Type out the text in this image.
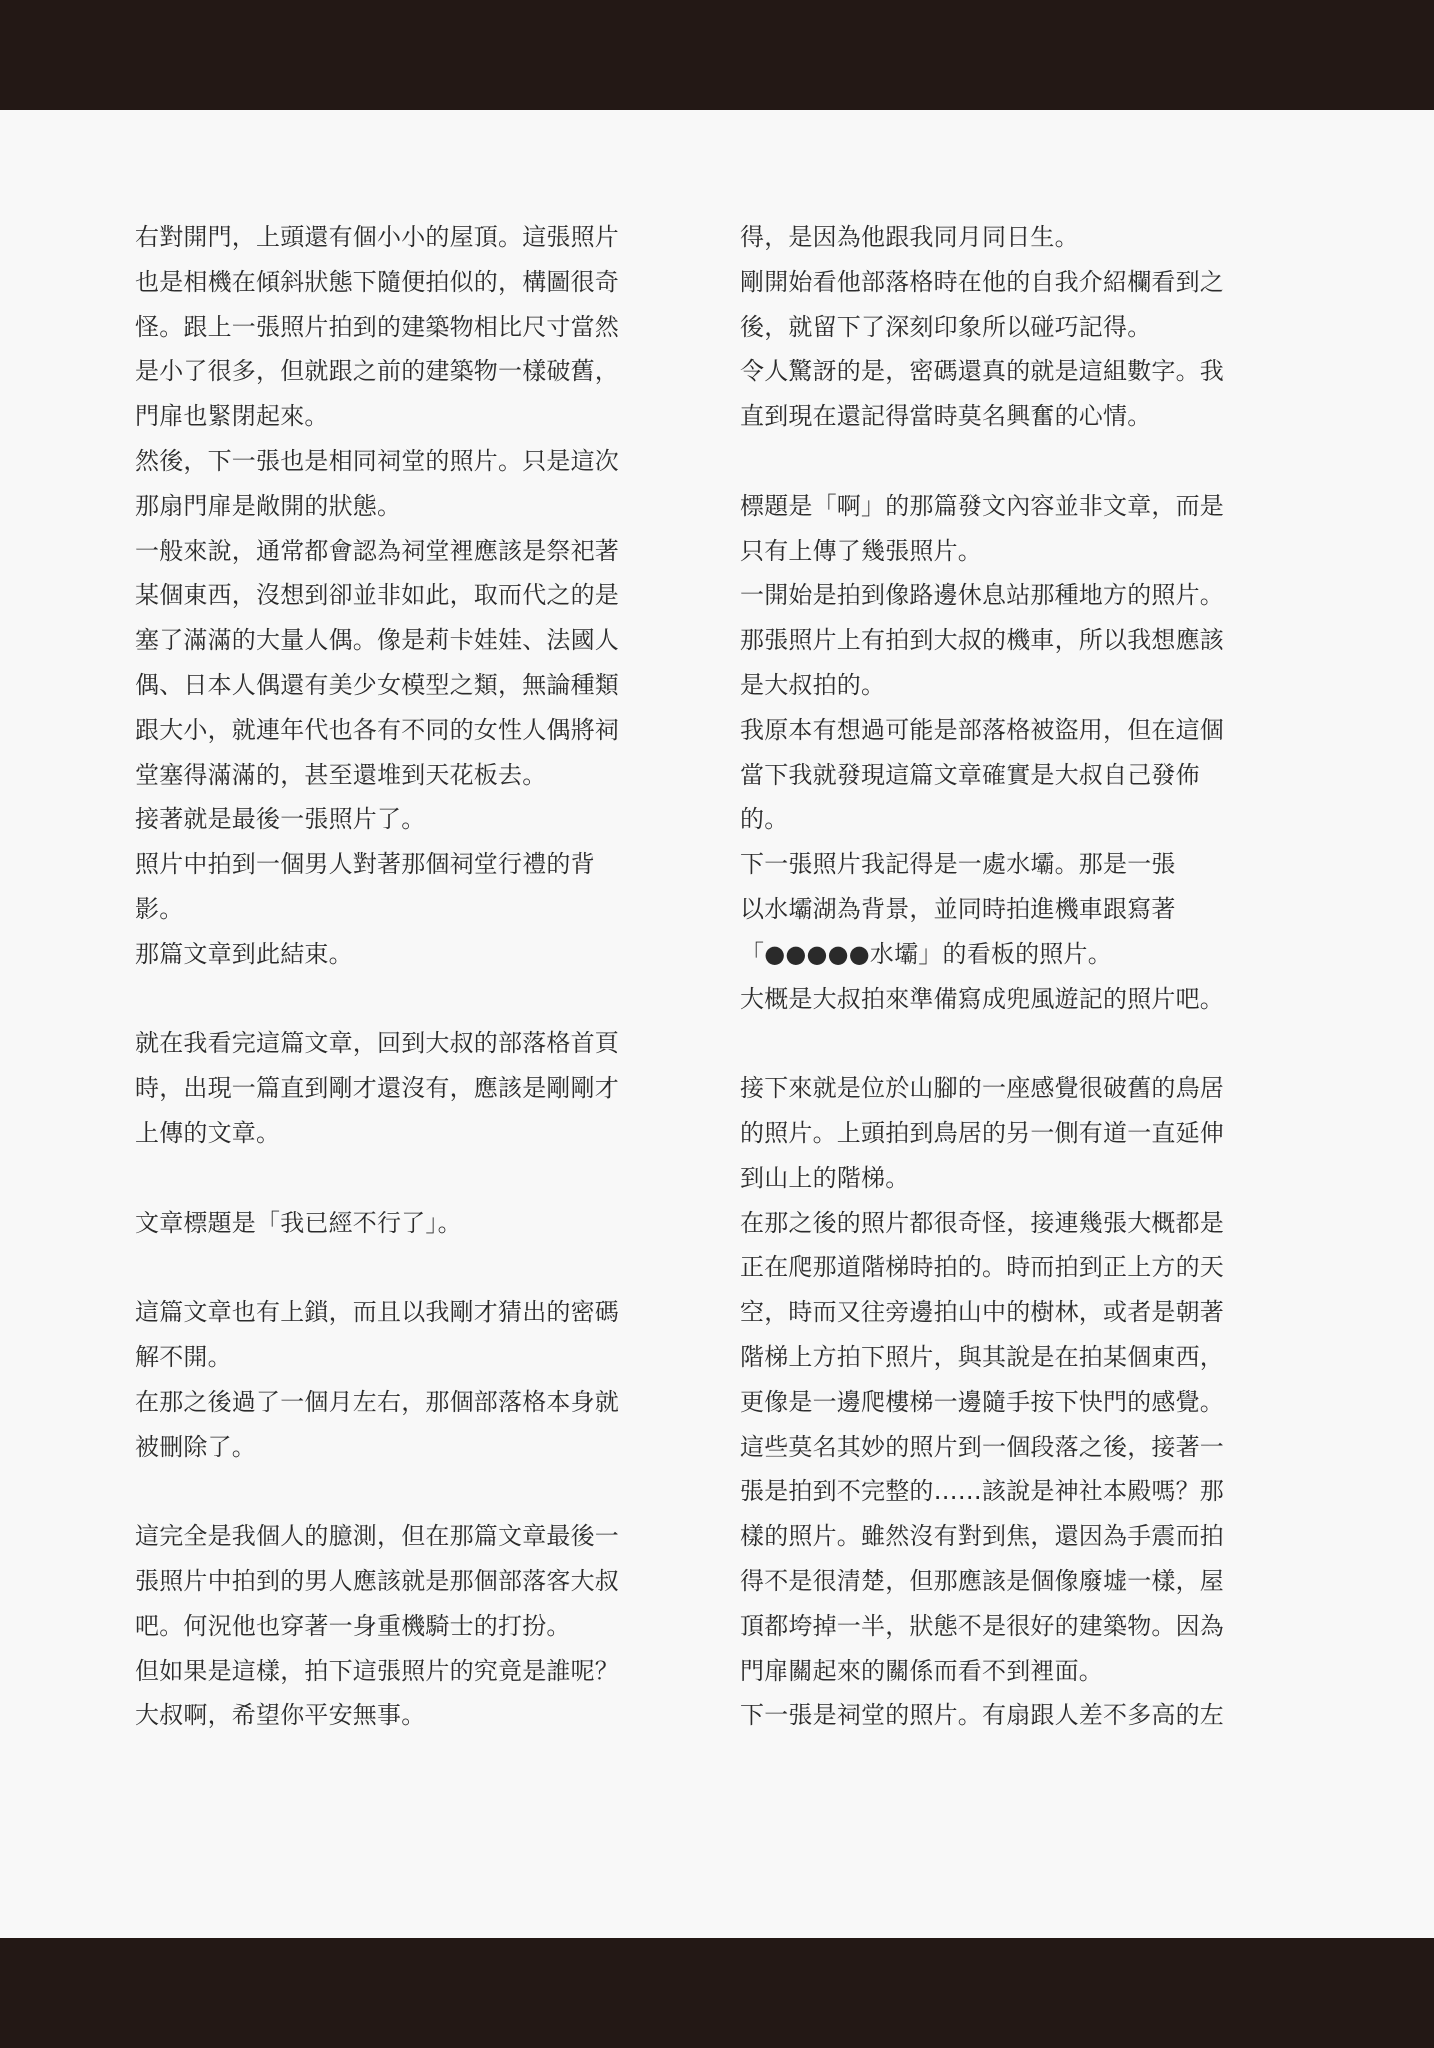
右對開門，上頭還有個小小的屋頂。這張照片
也是相機在傾斜狀態下隨便拍似的，構圖很奇
怪。跟上一張照片拍到的建築物相比尺寸當然
是小了很多，但就跟之前的建築物一樣破舊，
門扉也緊閉起來。
然後，下一張也是相同祠堂的照片。只是這次
那扇門扉是敞開的狀態。
一般來說，通常都會認為祠堂裡應該是祭祀著
某個東西，沒想到卻並非如此，取而代之的是
塞了滿滿的大量人偶。像是莉卡娃娃、法國人
偶、日本人偶還有美少女模型之類，無論種類
跟大小，就連年代也各有不同的女性人偶將祠
堂塞得滿滿的，甚至還堆到天花板去。
接著就是最後一張照片了。
照片中拍到一個男人對著那個祠堂行禮的背
影。
那篇文章到此結束。
就在我看完這篇文章，回到大叔的部落格首頁
時，出現一篇直到剛才還沒有，應該是剛剛才
上傳的文章。
文章標題是「我已經不行了」。
這篇文章也有上鎖，而且以我剛才猜出的密碼
解不開。
在那之後過了一個月左右，那個部落格本身就
被刪除了。
這完全是我個人的臆測，但在那篇文章最後一
張照片中拍到的男人應該就是那個部落客大叔
吧。何況他也穿著一身重機騎士的打扮。
但如果是這樣，拍下這張照片的究竟是誰呢？
大叔啊，希望你平安無事。
得，是因為他跟我同月同日生。
剛開始看他部落格時在他的自我介紹欄看到之
後，就留下了深刻印象所以碰巧記得。
令人驚訝的是，密碼還真的就是這組數字。我
直到現在還記得當時莫名興奮的心情。
標題是「啊」的那篇發文內容並非文章，而是
只有上傳了幾張照片。
一開始是拍到像路邊休息站那種地方的照片。
那張照片上有拍到大叔的機車，所以我想應該
是大叔拍的。
我原本有想過可能是部落格被盜用，但在這個
當下我就發現這篇文章確實是大叔自己發佈
的。
下一張照片我記得是一處水壩。那是一張
以水壩湖為背景，並同時拍進機車跟寫著
「●●●●●水壩」的看板的照片。
大概是大叔拍來準備寫成兜風遊記的照片吧。
接下來就是位於山腳的一座感覺很破舊的鳥居
的照片。上頭拍到鳥居的另一側有道一直延伸
到山上的階梯。
在那之後的照片都很奇怪，接連幾張大概都是
正在爬那道階梯時拍的。時而拍到正上方的天
空，時而又往旁邊拍山中的樹林，或者是朝著
階梯上方拍下照片，與其說是在拍某個東西，
更像是一邊爬樓梯一邊隨手按下快門的感覺。
這些莫名其妙的照片到一個段落之後，接著一
張是拍到不完整的……該說是神社本殿嗎？那
樣的照片。雖然沒有對到焦，還因為手震而拍
得不是很清楚，但那應該是個像廢墟一樣，屋
頂都垮掉一半，狀態不是很好的建築物。因為
門扉關起來的關係而看不到裡面。
下一張是祠堂的照片。有扇跟人差不多高的左
